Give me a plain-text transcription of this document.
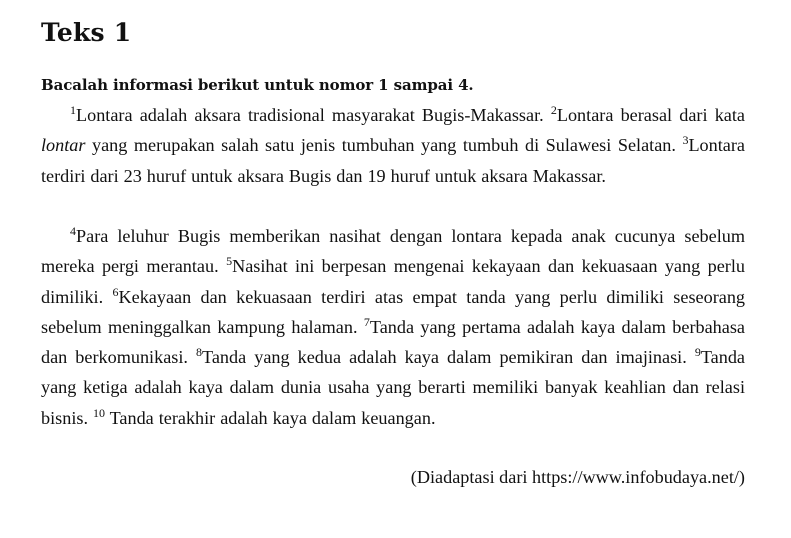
Teks 1

Bacalah informasi berikut untuk nomor 1 sampai 4.

$^1$Lontara adalah aksara tradisional masyarakat Bugis-Makassar. $^2$Lontara berasal dari kata lontar yang merupakan salah satu jenis tumbuhan yang tumbuh di Sulawesi Selatan. $^3$Lontara terdiri dari 23 huruf untuk aksara Bugis dan 19 huruf untuk aksara Makassar.

$^4$Para leluhur Bugis memberikan nasihat dengan lontara kepada anak cucunya sebelum mereka pergi merantau. $^5$Nasihat ini berpesan mengenai kekayaan dan kekuasaan yang perlu dimiliki. $^6$Kekayaan dan kekuasaan terdiri atas empat tanda yang perlu dimiliki seseorang sebelum meninggalkan kampung halaman. $^7$Tanda yang pertama adalah kaya dalam berbahasa dan berkomunikasi. $^8$Tanda yang kedua adalah kaya dalam pemikiran dan imajinasi. $^9$Tanda yang ketiga adalah kaya dalam dunia usaha yang berarti memiliki banyak keahlian dan relasi bisnis. $^{10}$ Tanda terakhir adalah kaya dalam keuangan.

(Diadaptasi dari https://www.infobudaya.net/)
